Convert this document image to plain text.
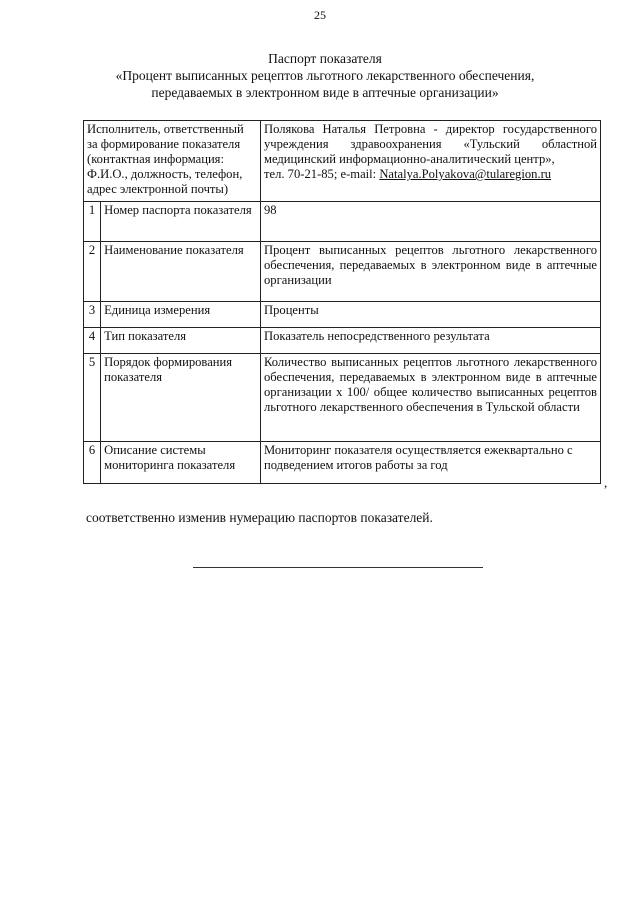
25
Паспорт показателя
«Процент выписанных рецептов льготного лекарственного обеспечения,
передаваемых в электронном виде в аптечные организации»
Исполнитель, ответственный за формирование показателя (контактная информация: Ф.И.О., должность, телефон, адрес электронной почты)		Полякова Наталья Петровна - директор государственного учреждения здравоохранения «Тульский областной медицинский информационно-аналитический центр»,
тел. 70-21-85; e-mail: Natalya.Polyakova@tularegion.ru
1	Номер паспорта показателя	98
2	Наименование показателя	Процент выписанных рецептов льготного лекарственного обеспечения, передаваемых в электронном виде в аптечные организации
3	Единица измерения	Проценты
4	Тип показателя	Показатель непосредственного результата
5	Порядок формирования показателя	Количество выписанных рецептов льготного лекарственного обеспечения, передаваемых в электронном виде в аптечные организации х 100/ общее количество выписанных рецептов льготного лекарственного обеспечения в Тульской области
6	Описание системы мониторинга показателя	Мониторинг показателя осуществляется ежеквартально с подведением итогов работы за год
,
соответственно изменив нумерацию паспортов показателей.
